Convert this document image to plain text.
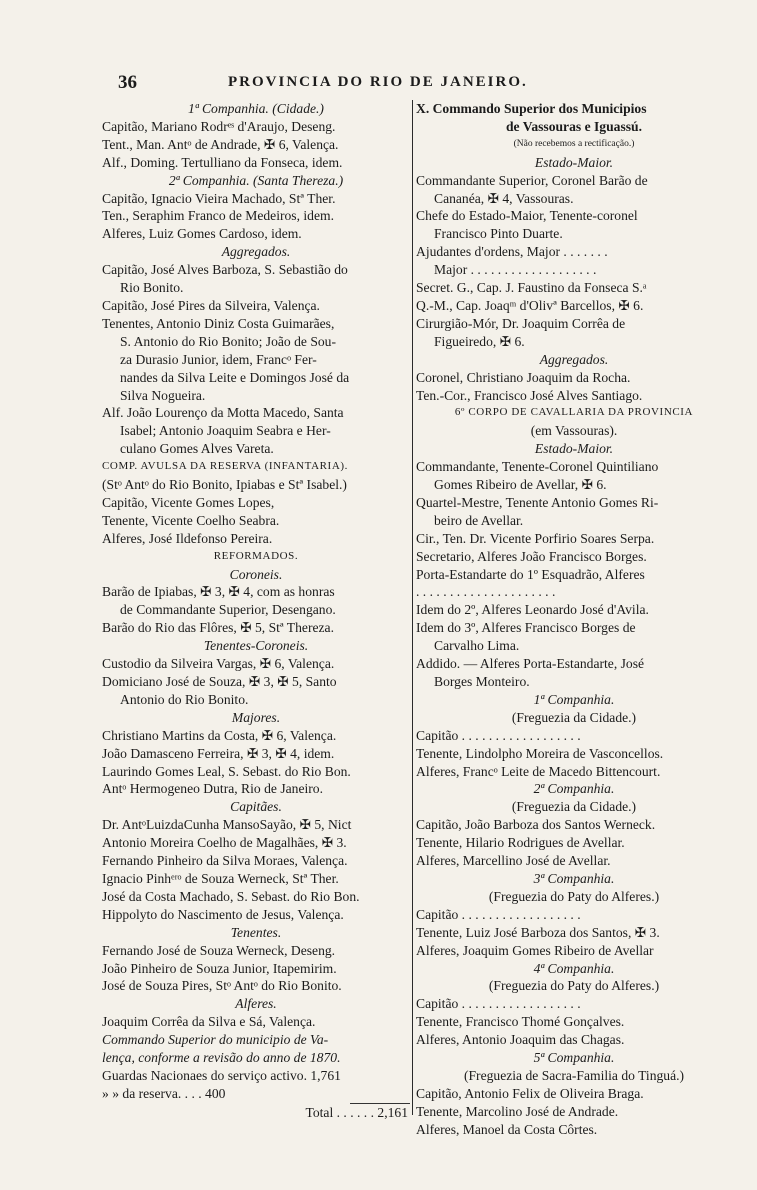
36	PROVINCIA DO RIO DE JANEIRO.
1ª Companhia. (Cidade.)
Capitão, Mariano Rodrᵉˢ d'Araujo, Deseng.
Tent., Man. Antᵒ de Andrade, ✠ 6, Valença.
Alf., Doming. Tertulliano da Fonseca, idem.
2ª Companhia. (Santa Thereza.)
Capitão, Ignacio Vieira Machado, Stª Ther.
Ten., Seraphim Franco de Medeiros, idem.
Alferes, Luiz Gomes Cardoso, idem.
Aggregados.
Capitão, José Alves Barboza, S. Sebastião do
Rio Bonito.
Capitão, José Pires da Silveira, Valença.
Tenentes, Antonio Diniz Costa Guimarães,
S. Antonio do Rio Bonito; João de Sou-
za Durasio Junior, idem, Francᵒ Fer-
nandes da Silva Leite e Domingos José da
Silva Nogueira.
Alf. João Lourenço da Motta Macedo, Santa
Isabel; Antonio Joaquim Seabra e Her-
culano Gomes Alves Vareta.
COMP. AVULSA DA RESERVA (INFANTARIA).
(Stᵒ Antᵒ do Rio Bonito, Ipiabas e Stª Isabel.)
Capitão, Vicente Gomes Lopes,
Tenente, Vicente Coelho Seabra.
Alferes, José Ildefonso Pereira.
REFORMADOS.
Coroneis.
Barão de Ipiabas, ✠ 3, ✠ 4, com as honras
de Commandante Superior, Desengano.
Barão do Rio das Flôres, ✠ 5, Stª Thereza.
Tenentes-Coroneis.
Custodio da Silveira Vargas, ✠ 6, Valença.
Domiciano José de Souza, ✠ 3, ✠ 5, Santo
Antonio do Rio Bonito.
Majores.
Christiano Martins da Costa, ✠ 6, Valença.
João Damasceno Ferreira, ✠ 3, ✠ 4, idem.
Laurindo Gomes Leal, S. Sebast. do Rio Bon.
Antᵒ Hermogeneo Dutra, Rio de Janeiro.
Capitães.
Dr. AntᵒLuizdaCunha MansoSayão, ✠ 5, Nict
Antonio Moreira Coelho de Magalhães, ✠ 3.
Fernando Pinheiro da Silva Moraes, Valença.
Ignacio Pinhᵉʳᵒ de Souza Werneck, Stª Ther.
José da Costa Machado, S. Sebast. do Rio Bon.
Hippolyto do Nascimento de Jesus, Valença.
Tenentes.
Fernando José de Souza Werneck, Deseng.
João Pinheiro de Souza Junior, Itapemirim.
José de Souza Pires, Stᵒ Antᵒ do Rio Bonito.
Alferes.
Joaquim Corrêa da Silva e Sá, Valença.
Commando Superior do municipio de Va-
lença, conforme a revisão do anno de 1870.
Guardas Nacionaes do serviço activo. 1,761
» » da reserva. . . . 400
Total . . . . . . 2,161
X. Commando Superior dos Municipios
de Vassouras e Iguassú.
(Não recebemos a rectificação.)
Estado-Maior.
Commandante Superior, Coronel Barão de
Cananéa, ✠ 4, Vassouras.
Chefe do Estado-Maior, Tenente-coronel
Francisco Pinto Duarte.
Ajudantes d'ordens, Major . . . . . . .
Major . . . . . . . . . . . . . . . . . . .
Secret. G., Cap. J. Faustino da Fonseca S.ᵃ
Q.-M., Cap. Joaqᵐ d'Olivª Barcellos, ✠ 6.
Cirurgião-Mór, Dr. Joaquim Corrêa de
Figueiredo, ✠ 6.
Aggregados.
Coronel, Christiano Joaquim da Rocha.
Ten.-Cor., Francisco José Alves Santiago.
6º CORPO DE CAVALLARIA DA PROVINCIA
(em Vassouras).
Estado-Maior.
Commandante, Tenente-Coronel Quintiliano
Gomes Ribeiro de Avellar, ✠ 6.
Quartel-Mestre, Tenente Antonio Gomes Ri-
beiro de Avellar.
Cir., Ten. Dr. Vicente Porfirio Soares Serpa.
Secretario, Alferes João Francisco Borges.
Porta-Estandarte do 1º Esquadrão, Alferes
. . . . . . . . . . . . . . . . . . . . .
Idem do 2º, Alferes Leonardo José d'Avila.
Idem do 3º, Alferes Francisco Borges de
Carvalho Lima.
Addido. — Alferes Porta-Estandarte, José
Borges Monteiro.
1ª Companhia.
(Freguezia da Cidade.)
Capitão . . . . . . . . . . . . . . . . . .
Tenente, Lindolpho Moreira de Vasconcellos.
Alferes, Francᵒ Leite de Macedo Bittencourt.
2ª Companhia.
(Freguezia da Cidade.)
Capitão, João Barboza dos Santos Werneck.
Tenente, Hilario Rodrigues de Avellar.
Alferes, Marcellino José de Avellar.
3ª Companhia.
(Freguezia do Paty do Alferes.)
Capitão . . . . . . . . . . . . . . . . . .
Tenente, Luiz José Barboza dos Santos, ✠ 3.
Alferes, Joaquim Gomes Ribeiro de Avellar
4ª Companhia.
(Freguezia do Paty do Alferes.)
Capitão . . . . . . . . . . . . . . . . . .
Tenente, Francisco Thomé Gonçalves.
Alferes, Antonio Joaquim das Chagas.
5ª Companhia.
(Freguezia de Sacra-Familia do Tinguá.)
Capitão, Antonio Felix de Oliveira Braga.
Tenente, Marcolino José de Andrade.
Alferes, Manoel da Costa Côrtes.
